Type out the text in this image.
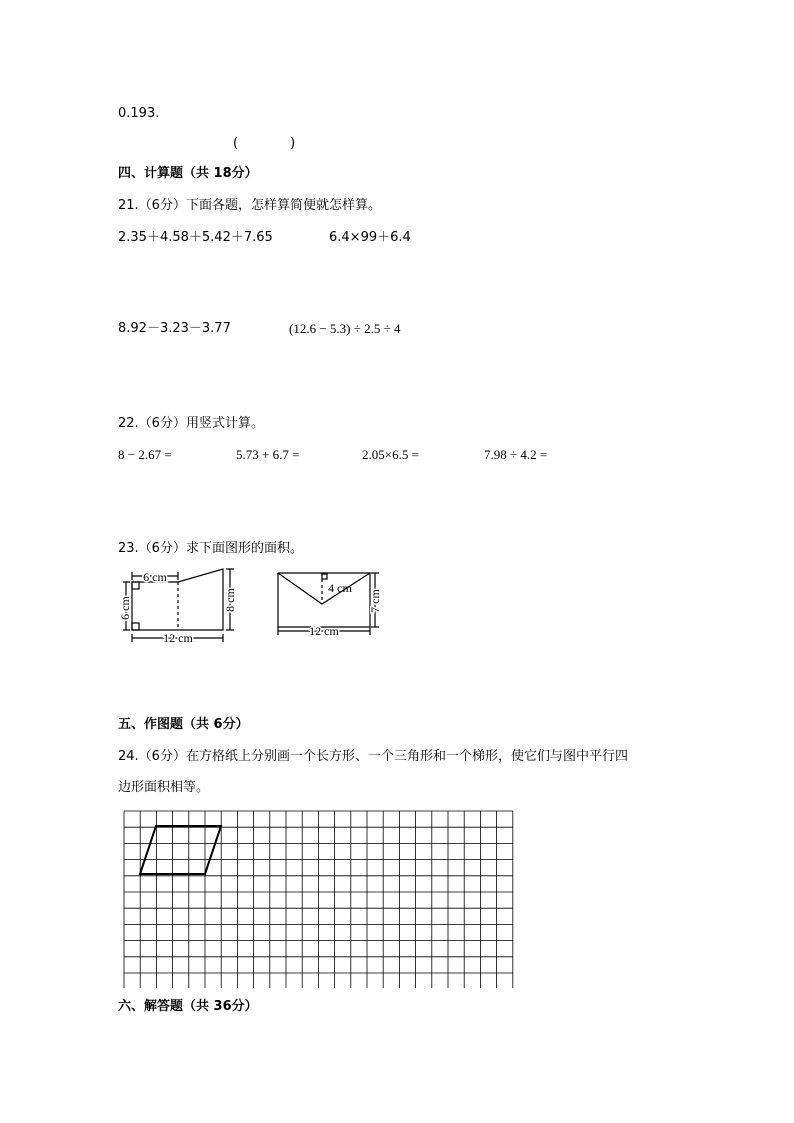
0.193.
(　　　　)
四、计算题（共 18分）
21.（6分）下面各题，怎样算简便就怎样算。
2.35＋4.58＋5.42＋7.65	6.4×99＋6.4
8.92－3.23－3.77	(12.6 − 5.3) ÷ 2.5 ÷ 4
22.（6分）用竖式计算。
8 − 2.67 =	5.73 + 6.7 =	2.05×6.5 =	7.98 ÷ 4.2 =
23.（6分）求下面图形的面积。
6 cm
6 cm	8 cm
12 cm
4 cm
7 cm
12 cm
五、作图题（共 6分）
24.（6分）在方格纸上分别画一个长方形、一个三角形和一个梯形，使它们与图中平行四
边形面积相等。
六、解答题（共 36分）
